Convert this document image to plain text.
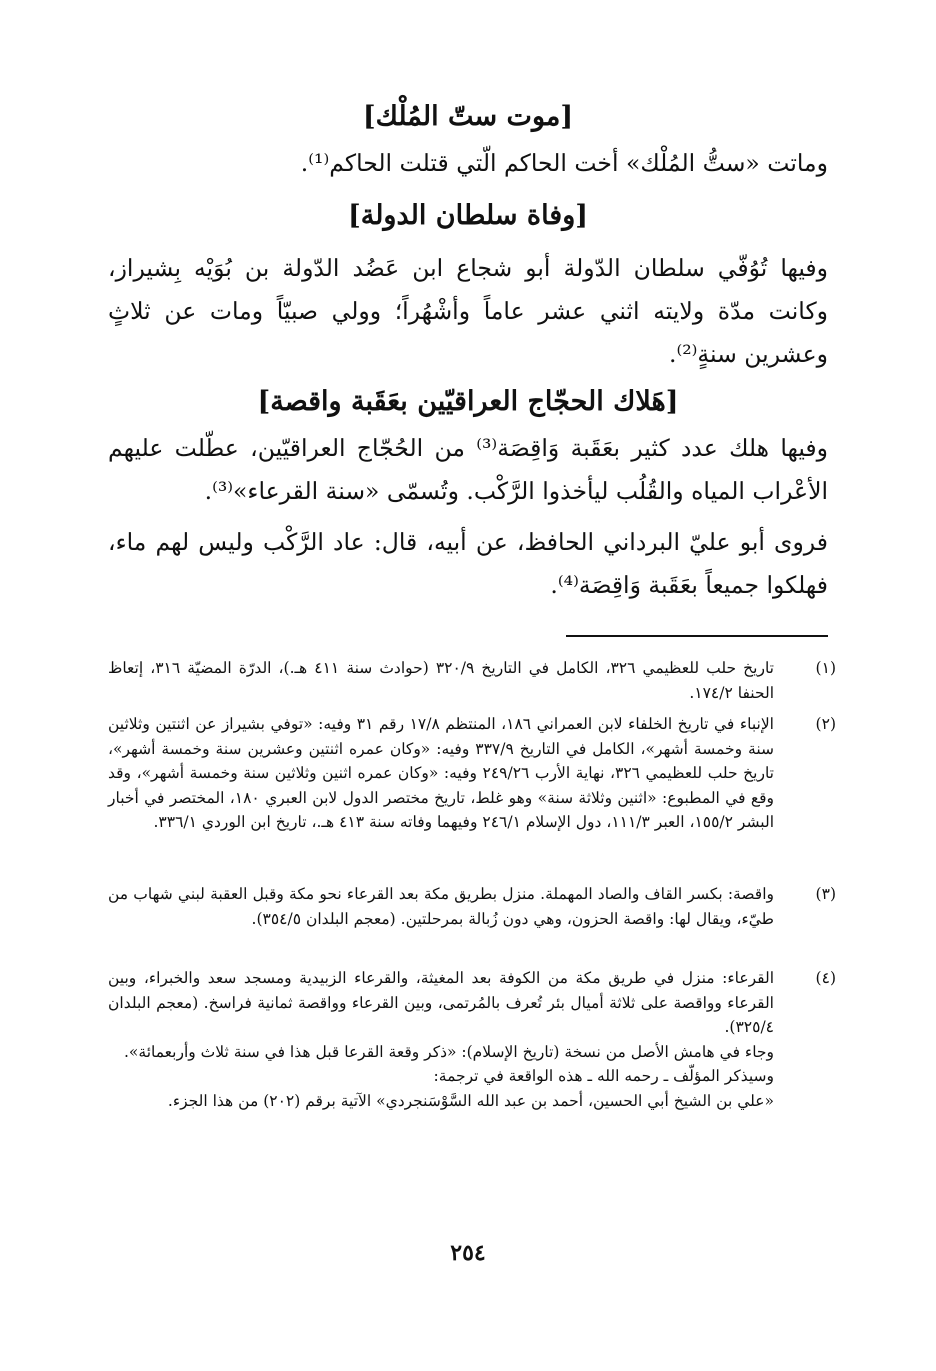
[موت ستّ المُلْك]
وماتت «ستُّ المُلْك» أخت الحاكم الّتي قتلت الحاكم⁽¹⁾.
[وفاة سلطان الدولة]
وفيها تُوُفّي سلطان الدّولة أبو شجاع ابن عَضُد الدّولة بن بُوَيْه بِشيراز، وكانت مدّة ولايته اثني عشر عاماً وأشْهُراً؛ وولي صبيّاً ومات عن ثلاثٍ وعشرين سنةٍ⁽²⁾.
[هَلاك الحجّاج العراقيّين بعَقَبة واقصة]
وفيها هلك عدد كثير بعَقَبة وَاقِصَة⁽³⁾ من الحُجّاج العراقيّين، عطّلت عليهم الأعْراب المياه والقُلُب ليأخذوا الرَّكْب. وتُسمّى «سنة القرعاء»⁽³⁾.
فروى أبو عليّ البرداني الحافظ، عن أبيه، قال: عاد الرَّكْب وليس لهم ماء، فهلكوا جميعاً بعَقَبة وَاقِصَة⁽⁴⁾.
(١)

تاريخ حلب للعظيمي ٣٢٦، الكامل في التاريخ ٣٢٠/٩ (حوادث سنة ٤١١ هـ.)، الدرّة المضيّة ٣١٦، إتعاظ الحنفا ١٧٤/٢.

(٢)

الإنباء في تاريخ الخلفاء لابن العمراني ١٨٦، المنتظم ١٧/٨ رقم ٣١ وفيه: «توفي بشيراز عن اثنتين وثلاثين سنة وخمسة أشهر»، الكامل في التاريخ ٣٣٧/٩ وفيه: «وكان عمره اثنتين وعشرين سنة وخمسة أشهر»، تاريخ حلب للعظيمي ٣٢٦، نهاية الأرب ٢٤٩/٢٦ وفيه: «وكان عمره اثنين وثلاثين سنة وخمسة أشهر»، وقد وقع في المطبوع: «اثنين وثلاثة سنة» وهو غلط، تاريخ مختصر الدول لابن العبري ١٨٠، المختصر في أخبار البشر ١٥٥/٢، العبر ١١١/٣، دول الإسلام ٢٤٦/١ وفيهما وفاته سنة ٤١٣ هـ.، تاريخ ابن الوردي ٣٣٦/١.

(٣)

واقصة: بكسر القاف والصاد المهملة. منزل بطريق مكة بعد القرعاء نحو مكة وقبل العقبة لبني شهاب من طيّء، ويقال لها: واقصة الحزون، وهي دون زُبالة بمرحلتين. (معجم البلدان ٣٥٤/٥).

(٤)

القرعاء: منزل في طريق مكة من الكوفة بعد المغيثة، والقرعاء الزبيدية ومسجد سعد والخبراء، وبين القرعاء وواقصة على ثلاثة أميال بئر تُعرف بالمُرتمى، وبين القرعاء وواقصة ثمانية فراسخ. (معجم البلدان ٣٢٥/٤).

وجاء في هامش الأصل من نسخة (تاريخ الإسلام): «ذكر وقعة القرعا قبل هذا في سنة ثلاث وأربعمائة».

وسيذكر المؤلّف ـ رحمه الله ـ هذه الواقعة في ترجمة:

«علي بن الشيخ أبي الحسين، أحمد بن عبد الله السَّوْسَنجردي» الآتية برقم (٢٠٢) من هذا الجزء.

٢٥٤
